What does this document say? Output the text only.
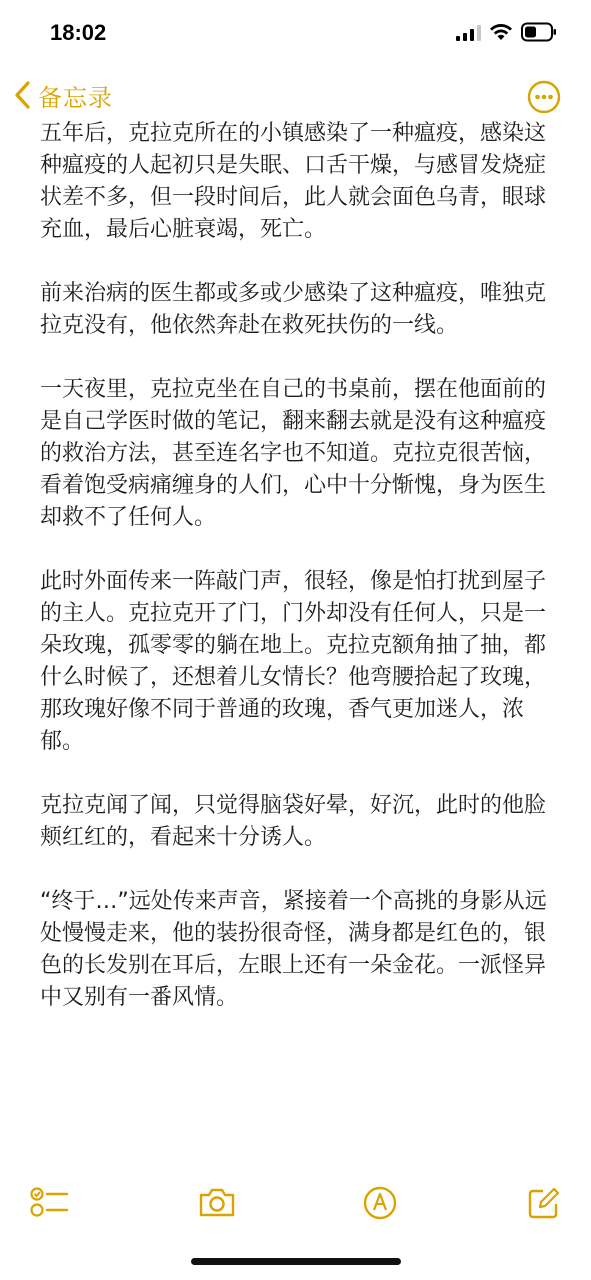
18:02
备忘录

五年后，克拉克所在的小镇感染了一种瘟疫，感染这种瘟疫的人起初只是失眠、口舌干燥，与感冒发烧症状差不多，但一段时间后，此人就会面色乌青，眼球充血，最后心脏衰竭，死亡。

前来治病的医生都或多或少感染了这种瘟疫，唯独克拉克没有，他依然奔赴在救死扶伤的一线。

一天夜里，克拉克坐在自己的书桌前，摆在他面前的是自己学医时做的笔记，翻来翻去就是没有这种瘟疫的救治方法，甚至连名字也不知道。克拉克很苦恼，看着饱受病痛缠身的人们，心中十分惭愧，身为医生却救不了任何人。

此时外面传来一阵敲门声，很轻，像是怕打扰到屋子的主人。克拉克开了门，门外却没有任何人，只是一朵玫瑰，孤零零的躺在地上。克拉克额角抽了抽，都什么时候了，还想着儿女情长？他弯腰拾起了玫瑰，那玫瑰好像不同于普通的玫瑰，香气更加迷人，浓郁。

克拉克闻了闻，只觉得脑袋好晕，好沉，此时的他脸颊红红的，看起来十分诱人。

“终于…”远处传来声音，紧接着一个高挑的身影从远处慢慢走来，他的装扮很奇怪，满身都是红色的，银色的长发别在耳后，左眼上还有一朵金花。一派怪异中又别有一番风情。
